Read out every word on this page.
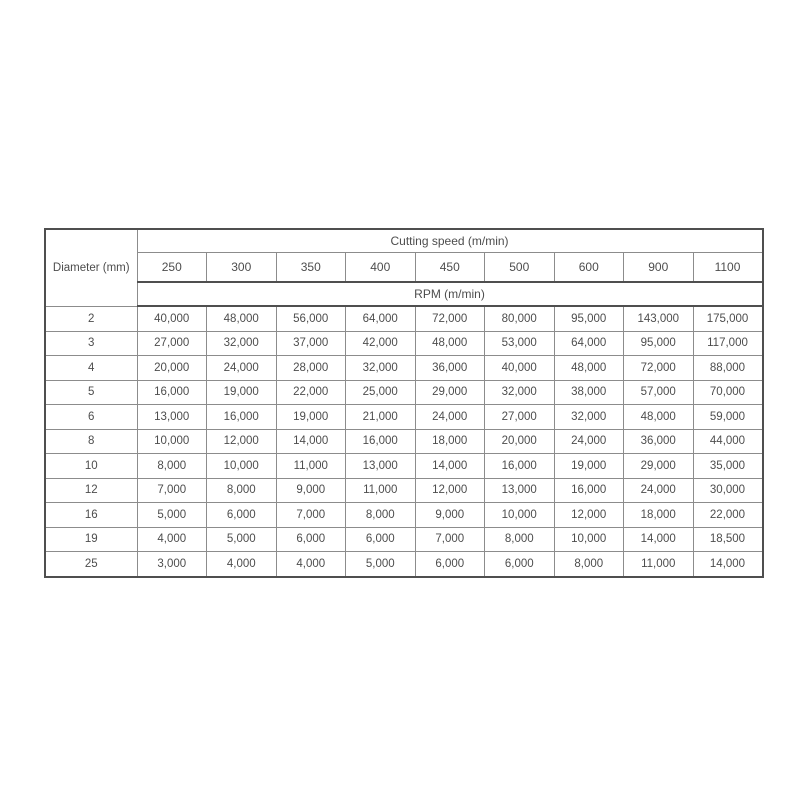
Diameter (mm)	Cutting speed (m/min)								
	250	300	350	400	450	500	600	900	1100
	RPM (m/min)								
2	40,000	48,000	56,000	64,000	72,000	80,000	95,000	143,000	175,000
3	27,000	32,000	37,000	42,000	48,000	53,000	64,000	95,000	117,000
4	20,000	24,000	28,000	32,000	36,000	40,000	48,000	72,000	88,000
5	16,000	19,000	22,000	25,000	29,000	32,000	38,000	57,000	70,000
6	13,000	16,000	19,000	21,000	24,000	27,000	32,000	48,000	59,000
8	10,000	12,000	14,000	16,000	18,000	20,000	24,000	36,000	44,000
10	8,000	10,000	11,000	13,000	14,000	16,000	19,000	29,000	35,000
12	7,000	8,000	9,000	11,000	12,000	13,000	16,000	24,000	30,000
16	5,000	6,000	7,000	8,000	9,000	10,000	12,000	18,000	22,000
19	4,000	5,000	6,000	6,000	7,000	8,000	10,000	14,000	18,500
25	3,000	4,000	4,000	5,000	6,000	6,000	8,000	11,000	14,000
